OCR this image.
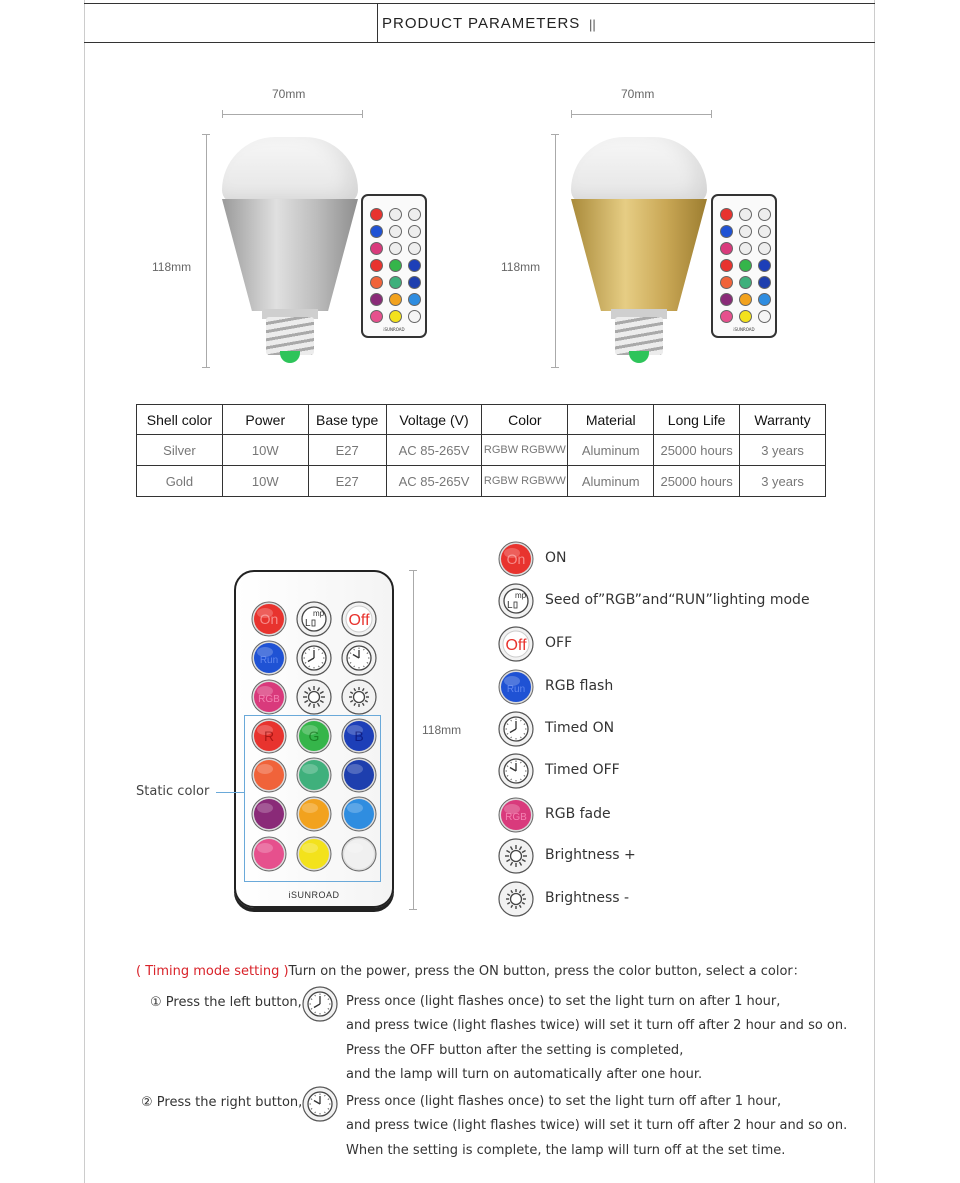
PRODUCT PARAMETERS ||
70mm
118mm
iSUNROAD
70mm
118mm
iSUNROAD
Shell color	Power	Base type	Voltage (V)	Color	Material	Long Life	Warranty
Silver	10W	E27	AC 85-265V	RGBW RGBWW	Aluminum	25000 hours	3 years
Gold	10W	E27	AC 85-265V	RGBW RGBWW	Aluminum	25000 hours	3 years
iSUNROAD
On	L
mp Off
Run
RGB
R G B
Static color
118mm
On ON
L
mp Seed of”RGB”and“RUN”lighting mode
Off OFF
Run RGB flash
Timed ON
Timed OFF
RGB RGB fade
Brightness +
Brightness -
( Timing mode setting )Turn on the power, press the ON button, press the color button, select a color：
① Press the left button,	Press once (light flashes once) to set the light turn on after 1 hour,
and press twice (light flashes twice) will set it turn off after 2 hour and so on.
Press the OFF button after the setting is completed,
and the lamp will turn on automatically after one hour.
② Press the right button,	Press once (light flashes once) to set the light turn off after 1 hour,
and press twice (light flashes twice) will set it turn off after 2 hour and so on.
When the setting is complete, the lamp will turn off at the set time.
